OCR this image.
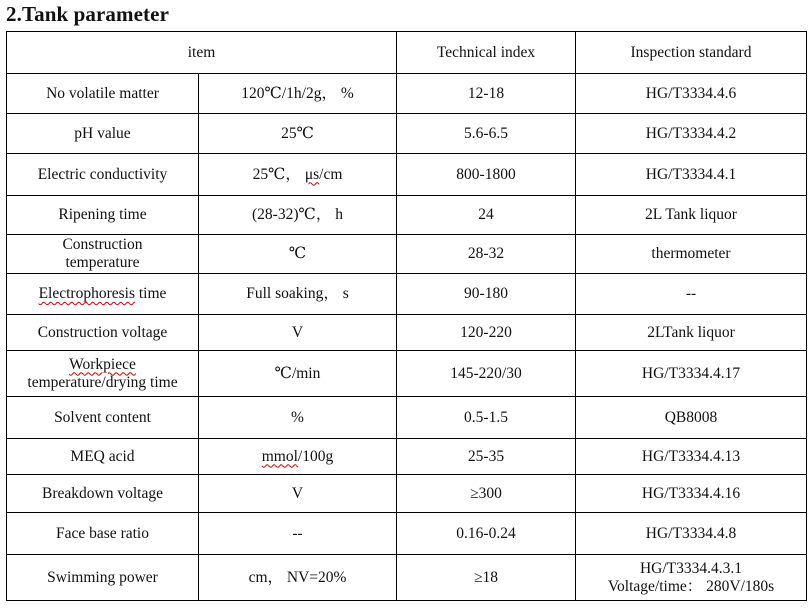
2.Tank parameter
item		Technical index	Inspection standard
No volatile matter	120℃/1h/2g， %	12-18	HG/T3334.4.6
pH value	25℃	5.6-6.5	HG/T3334.4.2
Electric conductivity	25℃， μs/cm	800-1800	HG/T3334.4.1
Ripening time	(28-32)℃， h	24	2L Tank liquor
Construction
temperature	℃	28-32	thermometer
Electrophoresis time	Full soaking， s	90-180	--
Construction voltage	V	120-220	2LTank liquor
Workpiece
temperature/drying time	℃/min	145-220/30	HG/T3334.4.17
Solvent content	%	0.5-1.5	QB8008
MEQ acid	mmol/100g	25-35	HG/T3334.4.13
Breakdown voltage	V	≥300	HG/T3334.4.16
Face base ratio	--	0.16-0.24	HG/T3334.4.8
Swimming power	cm， NV=20%	≥18	HG/T3334.4.3.1
Voltage/time： 280V/180s
